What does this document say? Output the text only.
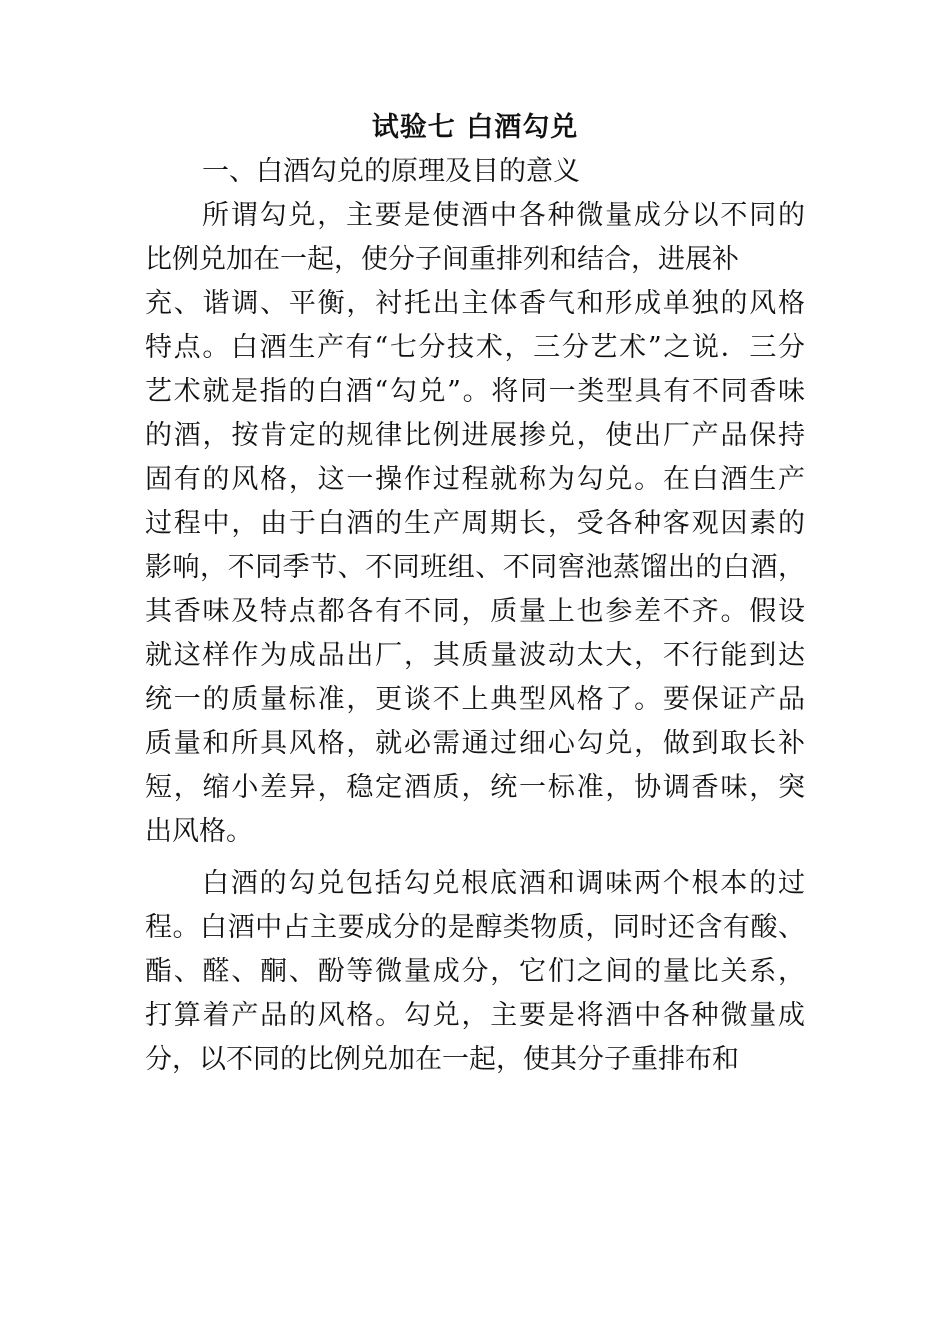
试验七 白酒勾兑
一、白酒勾兑的原理及目的意义
所谓勾兑，主要是使酒中各种微量成分以不同的
比例兑加在一起，使分子间重排列和结合，进展补
充、谐调、平衡，衬托出主体香气和形成单独的风格
特点。白酒生产有“七分技术，三分艺术”之说．三分
艺术就是指的白酒“勾兑”。将同一类型具有不同香味
的酒，按肯定的规律比例进展掺兑，使出厂产品保持
固有的风格，这一操作过程就称为勾兑。在白酒生产
过程中，由于白酒的生产周期长，受各种客观因素的
影响，不同季节、不同班组、不同窖池蒸馏出的白酒，
其香味及特点都各有不同，质量上也参差不齐。假设
就这样作为成品出厂，其质量波动太大，不行能到达
统一的质量标准，更谈不上典型风格了。要保证产品
质量和所具风格，就必需通过细心勾兑，做到取长补
短，缩小差异，稳定酒质，统一标准，协调香味，突
出风格。
白酒的勾兑包括勾兑根底酒和调味两个根本的过
程。白酒中占主要成分的是醇类物质，同时还含有酸、
酯、醛、酮、酚等微量成分，它们之间的量比关系，
打算着产品的风格。勾兑，主要是将酒中各种微量成
分，以不同的比例兑加在一起，使其分子重排布和
